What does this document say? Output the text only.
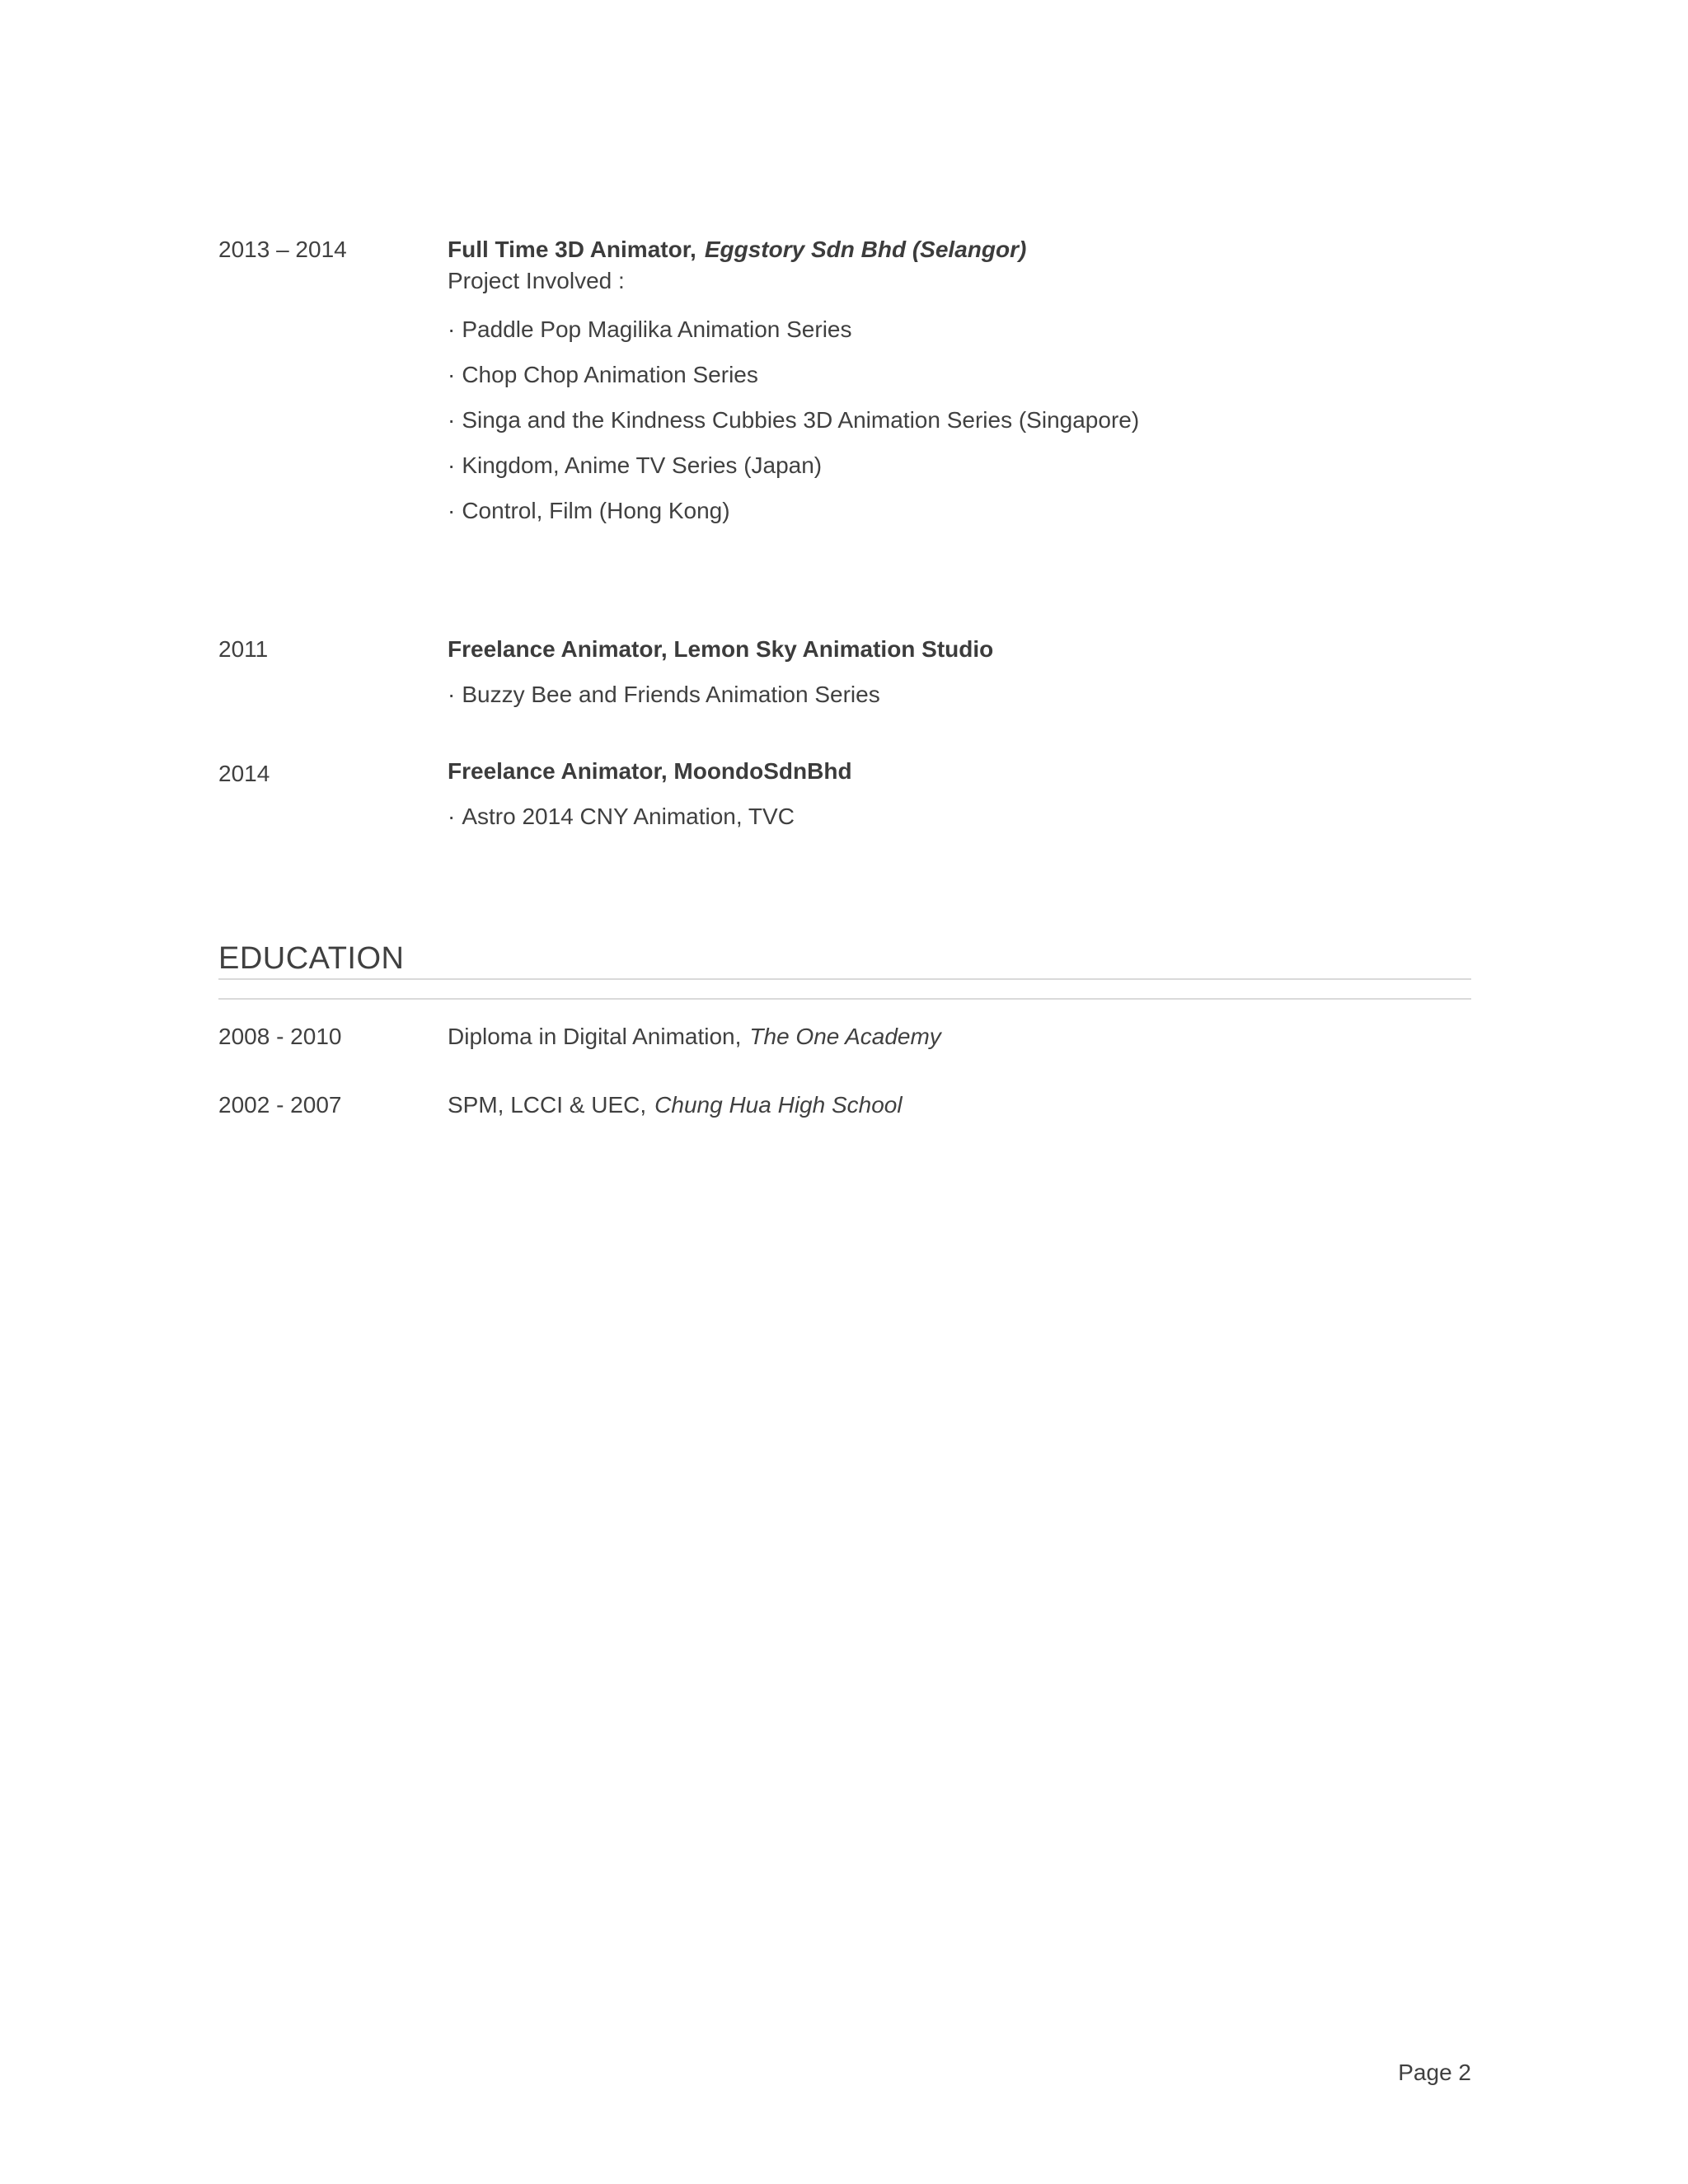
2013 – 2014	Full Time 3D Animator, Eggstory Sdn Bhd (Selangor)
Project Involved :
· Paddle Pop Magilika Animation Series
· Chop Chop Animation Series
· Singa and the Kindness Cubbies 3D Animation Series (Singapore)
· Kingdom, Anime TV Series (Japan)
· Control, Film (Hong Kong)
2011	Freelance Animator, Lemon Sky Animation Studio
· Buzzy Bee and Friends Animation Series
2014	Freelance Animator, MoondoSdnBhd
· Astro 2014 CNY Animation, TVC
EDUCATION
2008 - 2010	Diploma in Digital Animation, The One Academy
2002 - 2007	SPM, LCCI & UEC, Chung Hua High School
Page 2
